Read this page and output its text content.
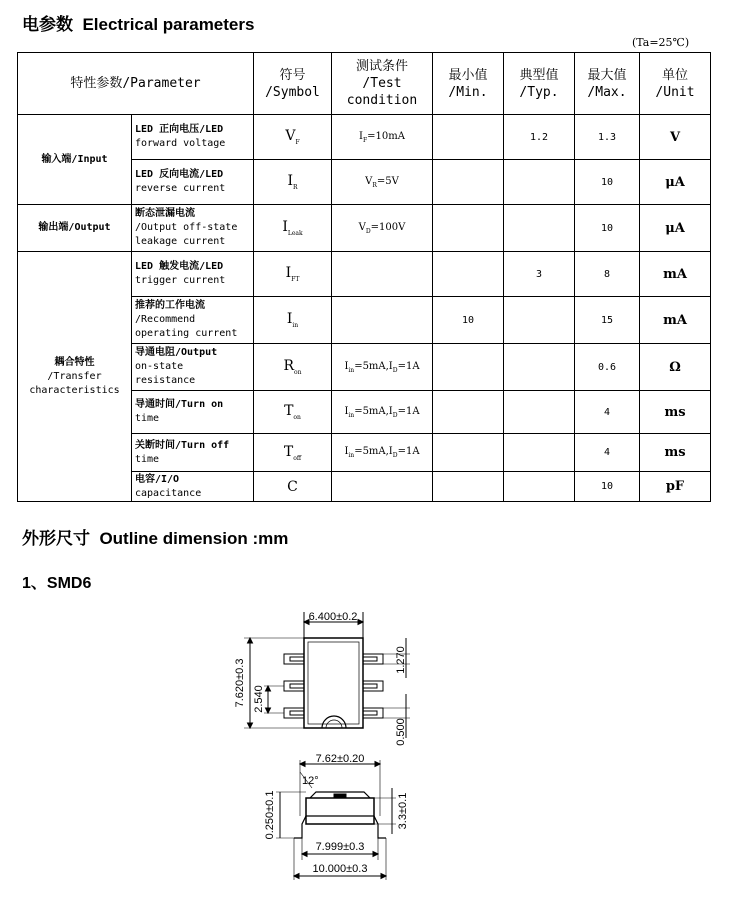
电参数 Electrical parameters
(Ta=25℃)
特性参数/Parameter		符号
/Symbol	测试条件
/Test
condition	最小值
/Min.	典型值
/Typ.	最大值
/Max.	单位
/Unit
输入端/Input	LED 正向电压/LED
forward voltage	$V_F$	$I_F=10mA$		1.2	1.3	V
	LED 反向电流/LED
reverse current	$I_R$	$V_R=5V$			10	μA
输出端/Output	断态泄漏电流
/Output off-state
leakage current	$I_{Leak}$	$V_D=100V$			10	μA
耦合特性
/Transfer
characteristics	LED 触发电流/LED
trigger current	$I_{FT}$			3	8	mA
	推荐的工作电流
/Recommend
operating current	$I_{in}$		10		15	mA
	导通电阻/Output
on-state
resistance	$R_{on}$	$I_{in}=5mA,I_D=1A$			0.6	Ω
	导通时间/Turn on
time	$T_{on}$	$I_{in}=5mA,I_D=1A$			4	ms
	关断时间/Turn off
time	$T_{off}$	$I_{in}=5mA,I_D=1A$			4	ms
	电容/I/O
capacitance	C				10	pF
外形尺寸 Outline dimension :mm
1、SMD6
6.400±0.2
7.620±0.3 2.540
1.270
0.500
7.62±0.20
12°
0.250±0.1	3.3±0.1
7.999±0.3
10.000±0.3
